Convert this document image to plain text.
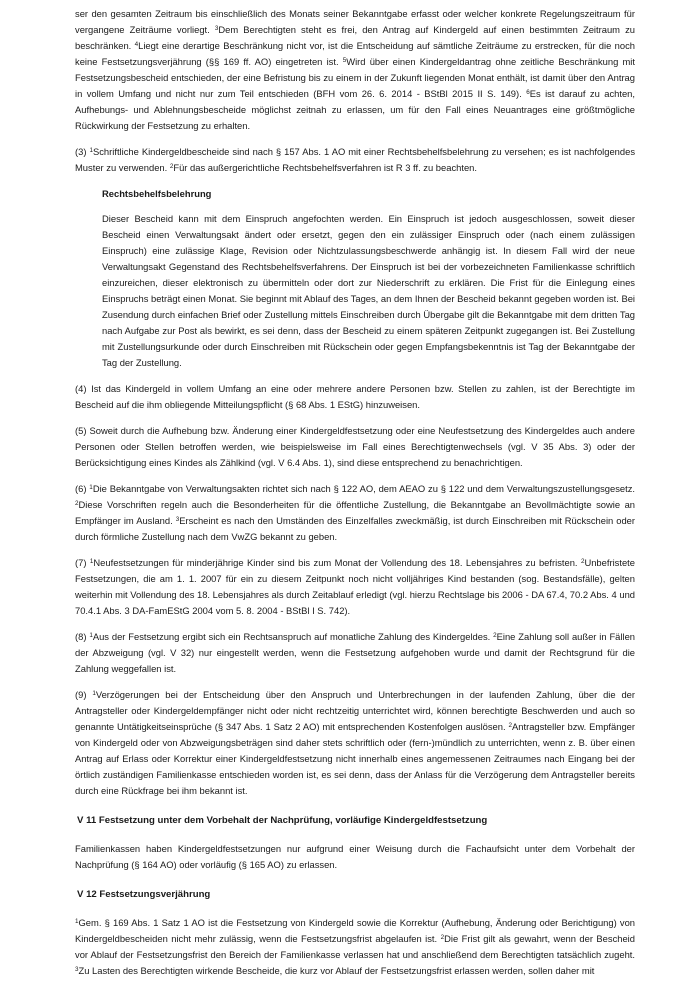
ser den gesamten Zeitraum bis einschließlich des Monats seiner Bekanntgabe erfasst oder welcher konkrete Regelungszeitraum für vergangene Zeiträume vorliegt. $^3$Dem Berechtigten steht es frei, den Antrag auf Kindergeld auf einen bestimmten Zeitraum zu beschränken. $^4$Liegt eine derartige Beschränkung nicht vor, ist die Entscheidung auf sämtliche Zeiträume zu erstrecken, für die noch keine Festsetzungsverjährung (§§ 169 ff. AO) eingetreten ist. $^5$Wird über einen Kindergeldantrag ohne zeitliche Beschränkung mit Festsetzungsbescheid entschieden, der eine Befristung bis zu einem in der Zukunft liegenden Monat enthält, ist damit über den Antrag in vollem Umfang und nicht nur zum Teil entschieden (BFH vom 26. 6. 2014 - BStBl 2015 II S. 149). $^6$Es ist darauf zu achten, Aufhebungs- und Ablehnungsbescheide möglichst zeitnah zu erlassen, um für den Fall eines Neuantrages eine größtmögliche Rückwirkung der Festsetzung zu erhalten.

(3) $^1$Schriftliche Kindergeldbescheide sind nach § 157 Abs. 1 AO mit einer Rechtsbehelfsbelehrung zu versehen; es ist nachfolgendes Muster zu verwenden. $^2$Für das außergerichtliche Rechtsbehelfsverfahren ist R 3 ff. zu beachten.

Rechtsbehelfsbelehrung

Dieser Bescheid kann mit dem Einspruch angefochten werden. Ein Einspruch ist jedoch ausgeschlossen, soweit dieser Bescheid einen Verwaltungsakt ändert oder ersetzt, gegen den ein zulässiger Einspruch oder (nach einem zulässigen Einspruch) eine zulässige Klage, Revision oder Nichtzulassungsbeschwerde anhängig ist. In diesem Fall wird der neue Verwaltungsakt Gegenstand des Rechtsbehelfsverfahrens. Der Einspruch ist bei der vorbezeichneten Familienkasse schriftlich einzureichen, dieser elektronisch zu übermitteln oder dort zur Niederschrift zu erklären. Die Frist für die Einlegung eines Einspruchs beträgt einen Monat. Sie beginnt mit Ablauf des Tages, an dem Ihnen der Bescheid bekannt gegeben worden ist. Bei Zusendung durch einfachen Brief oder Zustellung mittels Einschreiben durch Übergabe gilt die Bekanntgabe mit dem dritten Tag nach Aufgabe zur Post als bewirkt, es sei denn, dass der Bescheid zu einem späteren Zeitpunkt zugegangen ist. Bei Zustellung mit Zustellungsurkunde oder durch Einschreiben mit Rückschein oder gegen Empfangsbekenntnis ist Tag der Bekanntgabe der Tag der Zustellung.

(4) Ist das Kindergeld in vollem Umfang an eine oder mehrere andere Personen bzw. Stellen zu zahlen, ist der Berechtigte im Bescheid auf die ihm obliegende Mitteilungspflicht (§ 68 Abs. 1 EStG) hinzuweisen.

(5) Soweit durch die Aufhebung bzw. Änderung einer Kindergeldfestsetzung oder eine Neufestsetzung des Kindergeldes auch andere Personen oder Stellen betroffen werden, wie beispielsweise im Fall eines Berechtigtenwechsels (vgl. V 35 Abs. 3) oder der Berücksichtigung eines Kindes als Zählkind (vgl. V 6.4 Abs. 1), sind diese entsprechend zu benachrichtigen.

(6) $^1$Die Bekanntgabe von Verwaltungsakten richtet sich nach § 122 AO, dem AEAO zu § 122 und dem Verwaltungszustellungsgesetz. $^2$Diese Vorschriften regeln auch die Besonderheiten für die öffentliche Zustellung, die Bekanntgabe an Bevollmächtigte sowie an Empfänger im Ausland. $^3$Erscheint es nach den Umständen des Einzelfalles zweckmäßig, ist durch Einschreiben mit Rückschein oder durch förmliche Zustellung nach dem VwZG bekannt zu geben.

(7) $^1$Neufestsetzungen für minderjährige Kinder sind bis zum Monat der Vollendung des 18. Lebensjahres zu befristen. $^2$Unbefristete Festsetzungen, die am 1. 1. 2007 für ein zu diesem Zeitpunkt noch nicht volljähriges Kind bestanden (sog. Bestandsfälle), gelten weiterhin mit Vollendung des 18. Lebensjahres als durch Zeitablauf erledigt (vgl. hierzu Rechtslage bis 2006 - DA 67.4, 70.2 Abs. 4 und 70.4.1 Abs. 3 DA-FamEStG 2004 vom 5. 8. 2004 - BStBl I S. 742).

(8) $^1$Aus der Festsetzung ergibt sich ein Rechtsanspruch auf monatliche Zahlung des Kindergeldes. $^2$Eine Zahlung soll außer in Fällen der Abzweigung (vgl. V 32) nur eingestellt werden, wenn die Festsetzung aufgehoben wurde und damit der Rechtsgrund für die Zahlung weggefallen ist.

(9) $^1$Verzögerungen bei der Entscheidung über den Anspruch und Unterbrechungen in der laufenden Zahlung, über die der Antragsteller oder Kindergeldempfänger nicht oder nicht rechtzeitig unterrichtet wird, können berechtigte Beschwerden und auch so genannte Untätigkeitseinsprüche (§ 347 Abs. 1 Satz 2 AO) mit entsprechenden Kostenfolgen auslösen. $^2$Antragsteller bzw. Empfänger von Kindergeld oder von Abzweigungsbeträgen sind daher stets schriftlich oder (fern-)mündlich zu unterrichten, wenn z. B. über einen Antrag auf Erlass oder Korrektur einer Kindergeldfestsetzung nicht innerhalb eines angemessenen Zeitraumes nach Eingang bei der örtlich zuständigen Familienkasse entschieden worden ist, es sei denn, dass der Anlass für die Verzögerung dem Antragsteller bereits durch eine Rückfrage bei ihm bekannt ist.

V 11 Festsetzung unter dem Vorbehalt der Nachprüfung, vorläufige Kindergeldfestsetzung

Familienkassen haben Kindergeldfestsetzungen nur aufgrund einer Weisung durch die Fachaufsicht unter dem Vorbehalt der Nachprüfung (§ 164 AO) oder vorläufig (§ 165 AO) zu erlassen.

V 12 Festsetzungsverjährung

$^1$Gem. § 169 Abs. 1 Satz 1 AO ist die Festsetzung von Kindergeld sowie die Korrektur (Aufhebung, Änderung oder Berichtigung) von Kindergeldbescheiden nicht mehr zulässig, wenn die Festsetzungsfrist abgelaufen ist. $^2$Die Frist gilt als gewahrt, wenn der Bescheid vor Ablauf der Festsetzungsfrist den Bereich der Familienkasse verlassen hat und anschließend dem Berechtigten tatsächlich zugeht. $^3$Zu Lasten des Berechtigten wirkende Bescheide, die kurz vor Ablauf der Festsetzungsfrist erlassen werden, sollen daher mit
